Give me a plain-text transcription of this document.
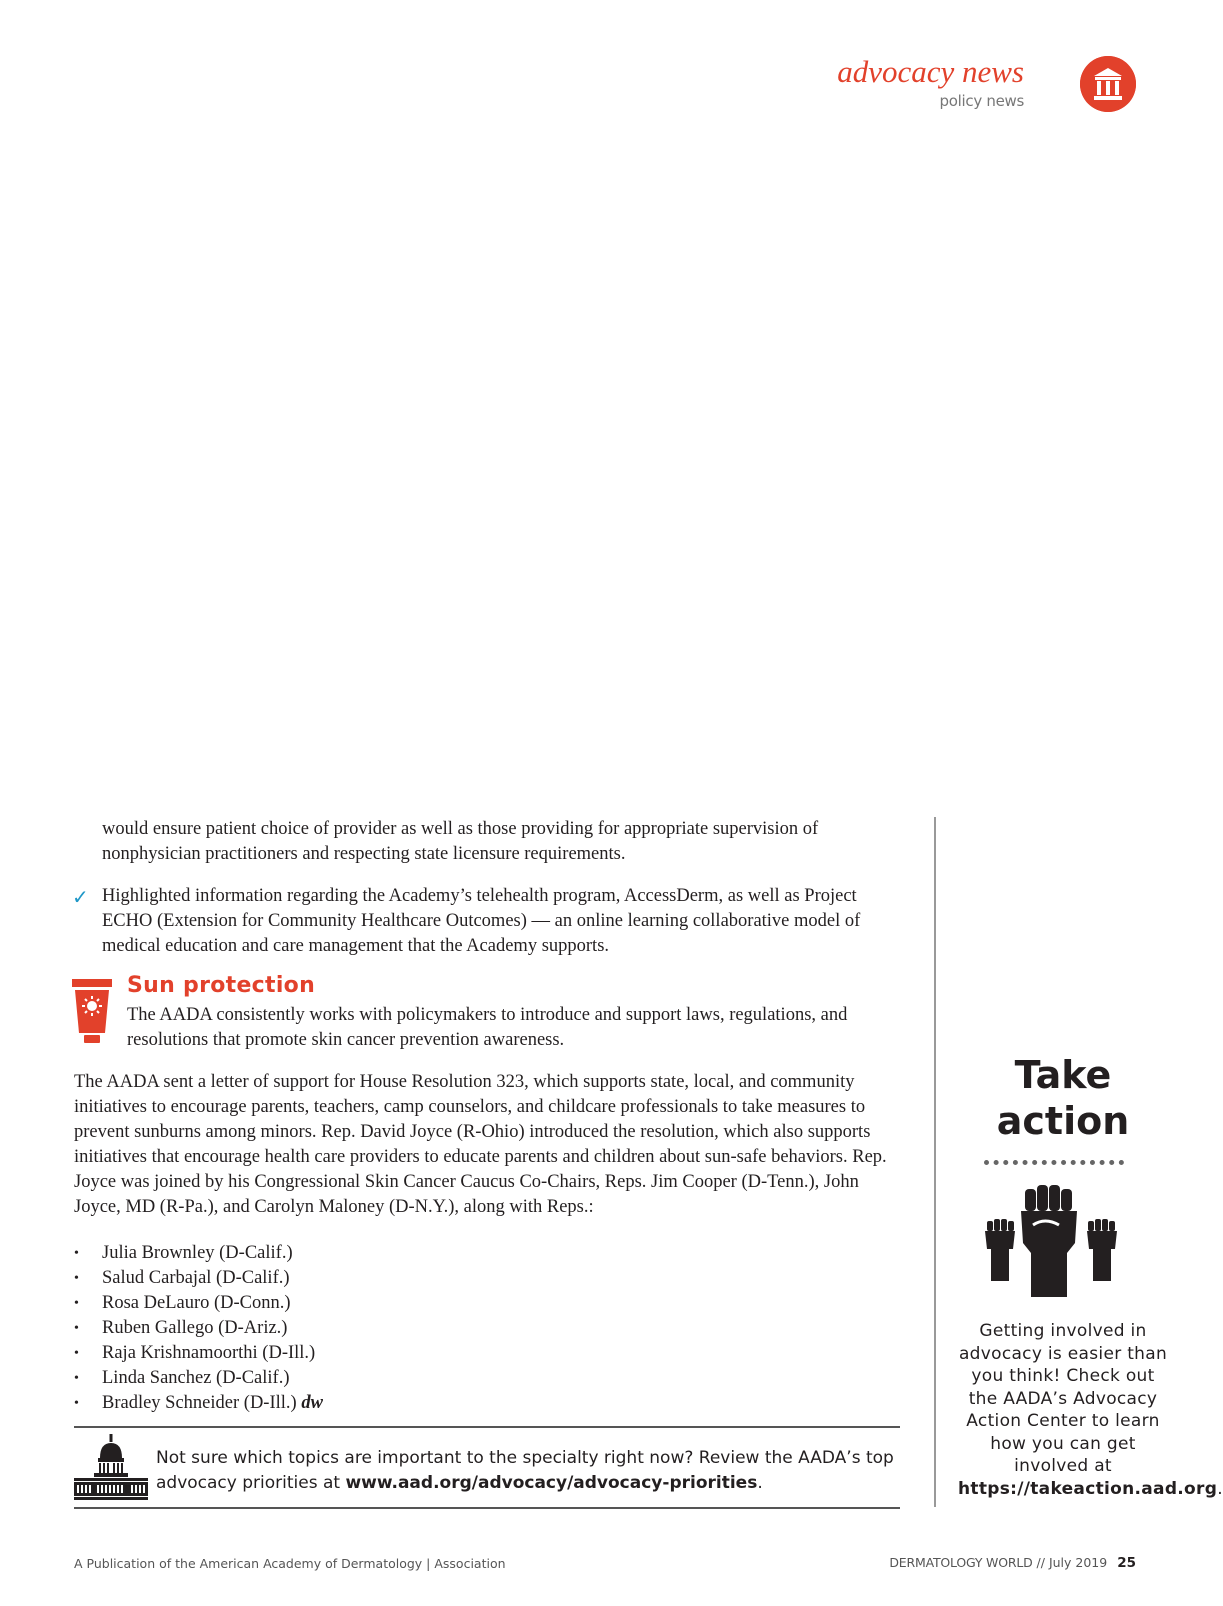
advocacy news
policy news
would ensure patient choice of provider as well as those providing for appropriate supervision of nonphysician practitioners and respecting state licensure requirements.
✓ Highlighted information regarding the Academy’s telehealth program, AccessDerm, as well as Project ECHO (Extension for Community Healthcare Outcomes) — an online learning collaborative model of medical education and care management that the Academy supports.
Sun protection
The AADA consistently works with policymakers to introduce and support laws, regulations, and resolutions that promote skin cancer prevention awareness.
The AADA sent a letter of support for House Resolution 323, which supports state, local, and community initiatives to encourage parents, teachers, camp counselors, and childcare professionals to take measures to prevent sunburns among minors. Rep. David Joyce (R-Ohio) introduced the resolution, which also supports initiatives that encourage health care providers to educate parents and children about sun-safe behaviors. Rep. Joyce was joined by his Congressional Skin Cancer Caucus Co-Chairs, Reps. Jim Cooper (D-Tenn.), John Joyce, MD (R-Pa.), and Carolyn Maloney (D-N.Y.), along with Reps.:
• Julia Brownley (D-Calif.)
• Salud Carbajal (D-Calif.)
• Rosa DeLauro (D-Conn.)
• Ruben Gallego (D-Ariz.)
• Raja Krishnamoorthi (D-Ill.)
• Linda Sanchez (D-Calif.)
• Bradley Schneider (D-Ill.) dw
Not sure which topics are important to the specialty right now? Review the AADA’s top advocacy priorities at www.aad.org/advocacy/advocacy-priorities.
Take
action
Getting involved in advocacy is easier than you think! Check out the AADA’s Advocacy Action Center to learn how you can get involved at https://takeaction.aad.org.
A Publication of the American Academy of Dermatology | Association	DERMATOLOGY WORLD // July 2019 25
